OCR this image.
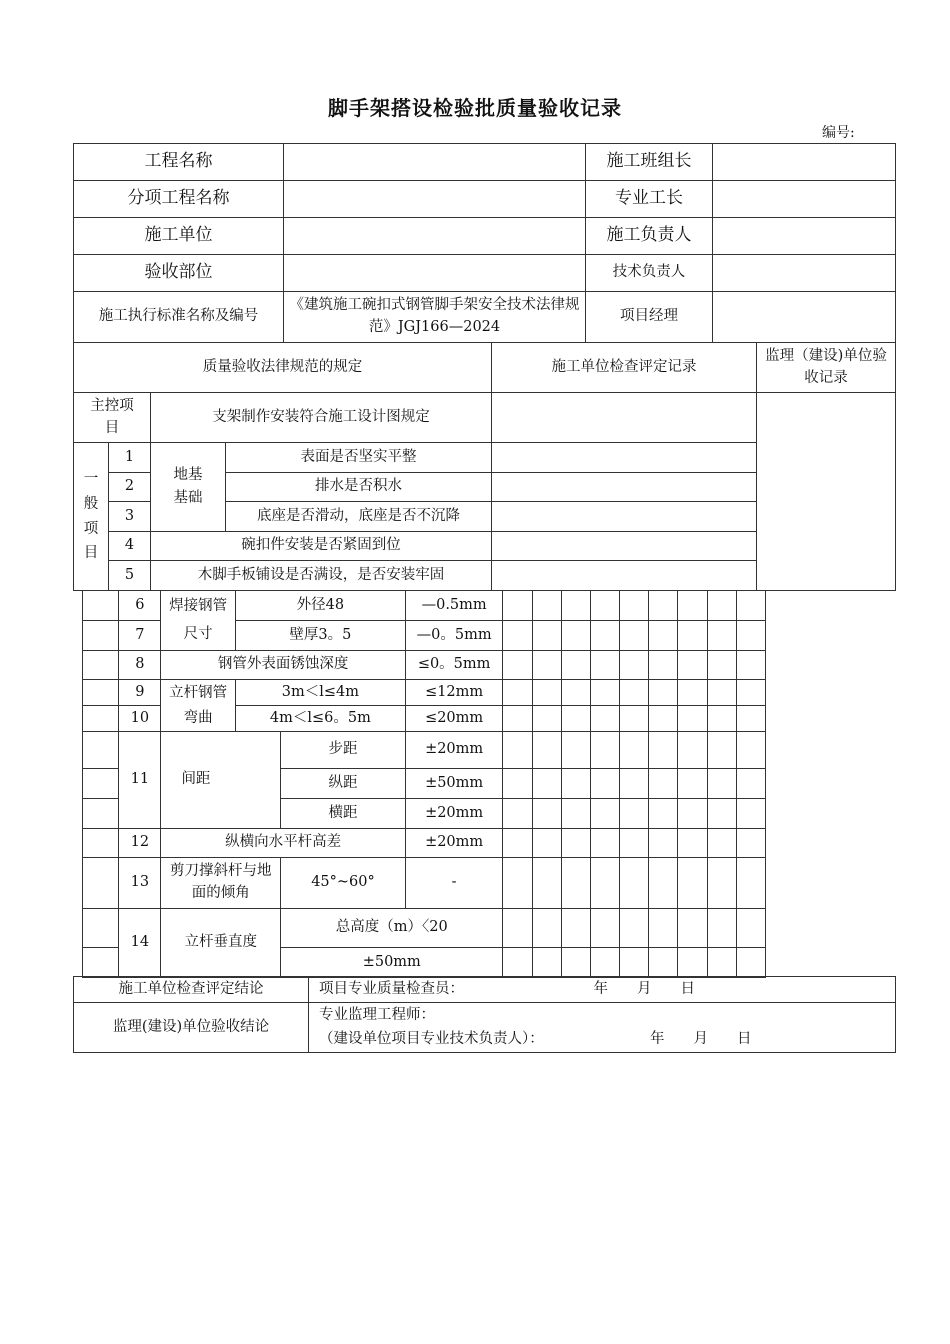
脚手架搭设检验批质量验收记录
编号:
工程名称		施工班组长	
分项工程名称		专业工长	
施工单位		施工负责人	
验收部位		技术负责人	
施工执行标准名称及编号	《建筑施工碗扣式钢管脚手架安全技术法律规范》JGJ166—2024	项目经理	
质量验收法律规范的规定				施工单位检查评定记录	监理（建设)单位验收记录
主控项目		支架制作安装符合施工设计图规定			
一般项目	1	地基基础	表面是否坚实平整		
	2		排水是否积水		
	3		底座是否滑动，底座是否不沉降		
	4	碗扣件安装是否紧固到位			
	5	木脚手板铺设是否满设，是否安装牢固			
	6	焊接钢管尺寸	外径48		—0.5mm									
	7		壁厚3。5		—0。5mm									
	8	钢管外表面锈蚀深度			≤0。5mm									
	9	立杆钢管弯曲	3m＜l≤4m		≤12mm									
	10		4m＜l≤6。5m		≤20mm									
	11	间距		步距	±20mm									
				纵距	±50mm									
				横距	±20mm									
	12	纵横向水平杆高差			±20mm									
	13	剪刀撑斜杆与地面的倾角		45°~60°	-									
	14	立杆垂直度		总高度（m）〈20										
				±50mm										
施工单位检查评定结论	项目专业质量检查员： 年　　月　　日

监理(建设)单位验收结论	专业监理工程师：
（建设单位项目专业技术负责人）： 年　　月　　日
